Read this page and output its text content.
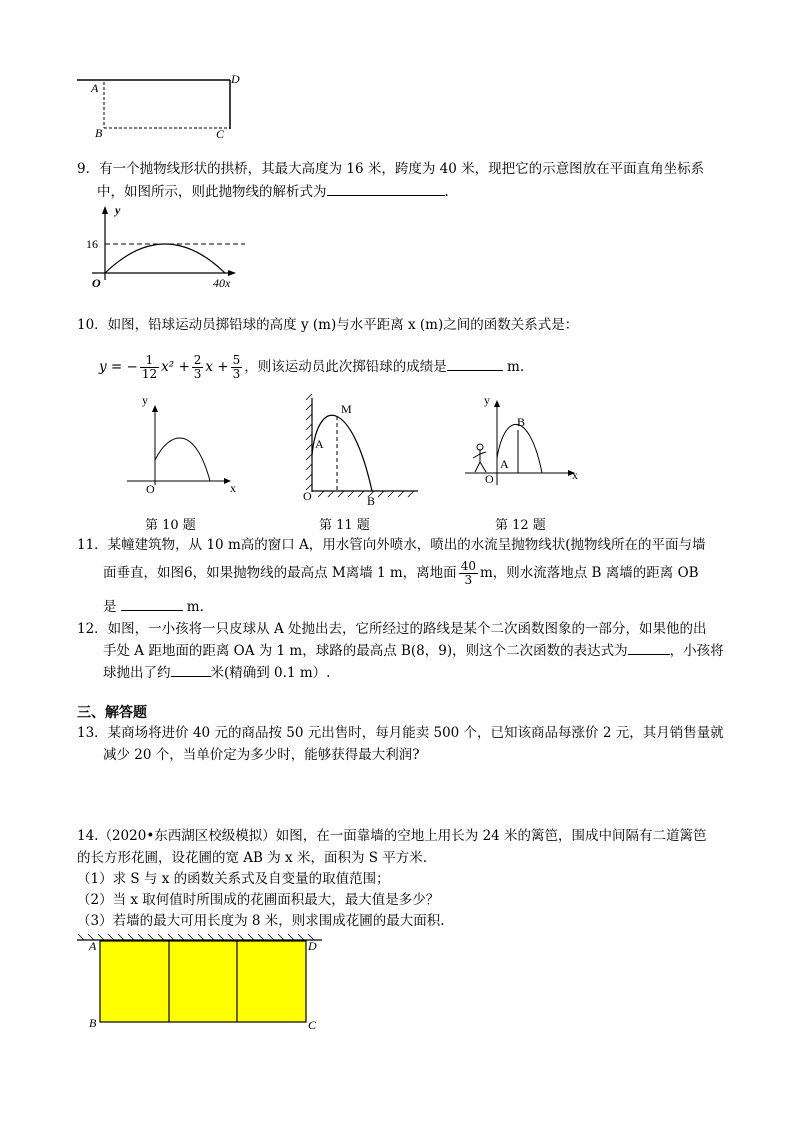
A
B	C
D
9．有一个抛物线形状的拱桥，其最大高度为 16 米，跨度为 40 米，现把它的示意图放在平面直角坐标系
中，如图所示，则此抛物线的解析式为	.
y
16
O	40x
10．如图，铅球运动员掷铅球的高度 y (m)与水平距离 x (m)之间的函数关系式是：
y = − $\frac{1}{12} x^2 + \frac{2}{3}$ $x + \frac{5}{3}$ ，则该运动员此次掷铅球的成绩是	m.
y
O	x
第 10 题
M
A
O	B
第 11 题
y
B
A
O	x
第 12 题
11．某幢建筑物，从 10 m高的窗口 A，用水管向外喷水，喷出的水流呈抛物线状(抛物线所在的平面与墙
面垂直，如图6，如果抛物线的最高点 M离墙 1 m，离地面 $\frac{40}{3}$ m，则水流落地点 B 离墙的距离 OB
是	m.
12．如图，一小孩将一只皮球从 A 处抛出去，它所经过的路线是某个二次函数图象的一部分，如果他的出
手处 A 距地面的距离 OA 为 1 m，球路的最高点 B(8，9)，则这个二次函数的表达式为	，小孩将
球抛出了约	米(精确到 0.1 m）.
三、解答题
13．某商场将进价 40 元的商品按 50 元出售时，每月能卖 500 个，已知该商品每涨价 2 元，其月销售量就
减少 20 个，当单价定为多少时，能够获得最大利润?
14.（2020•东西湖区校级模拟）如图，在一面靠墙的空地上用长为 24 米的篱笆，围成中间隔有二道篱笆
的长方形花圃，设花圃的宽 AB 为 x 米，面积为 S 平方米.
（1）求 S 与 x 的函数关系式及自变量的取值范围；
（2）当 x 取何值时所围成的花圃面积最大，最大值是多少？
（3）若墙的最大可用长度为 8 米，则求围成花圃的最大面积.
A	D
B	C
